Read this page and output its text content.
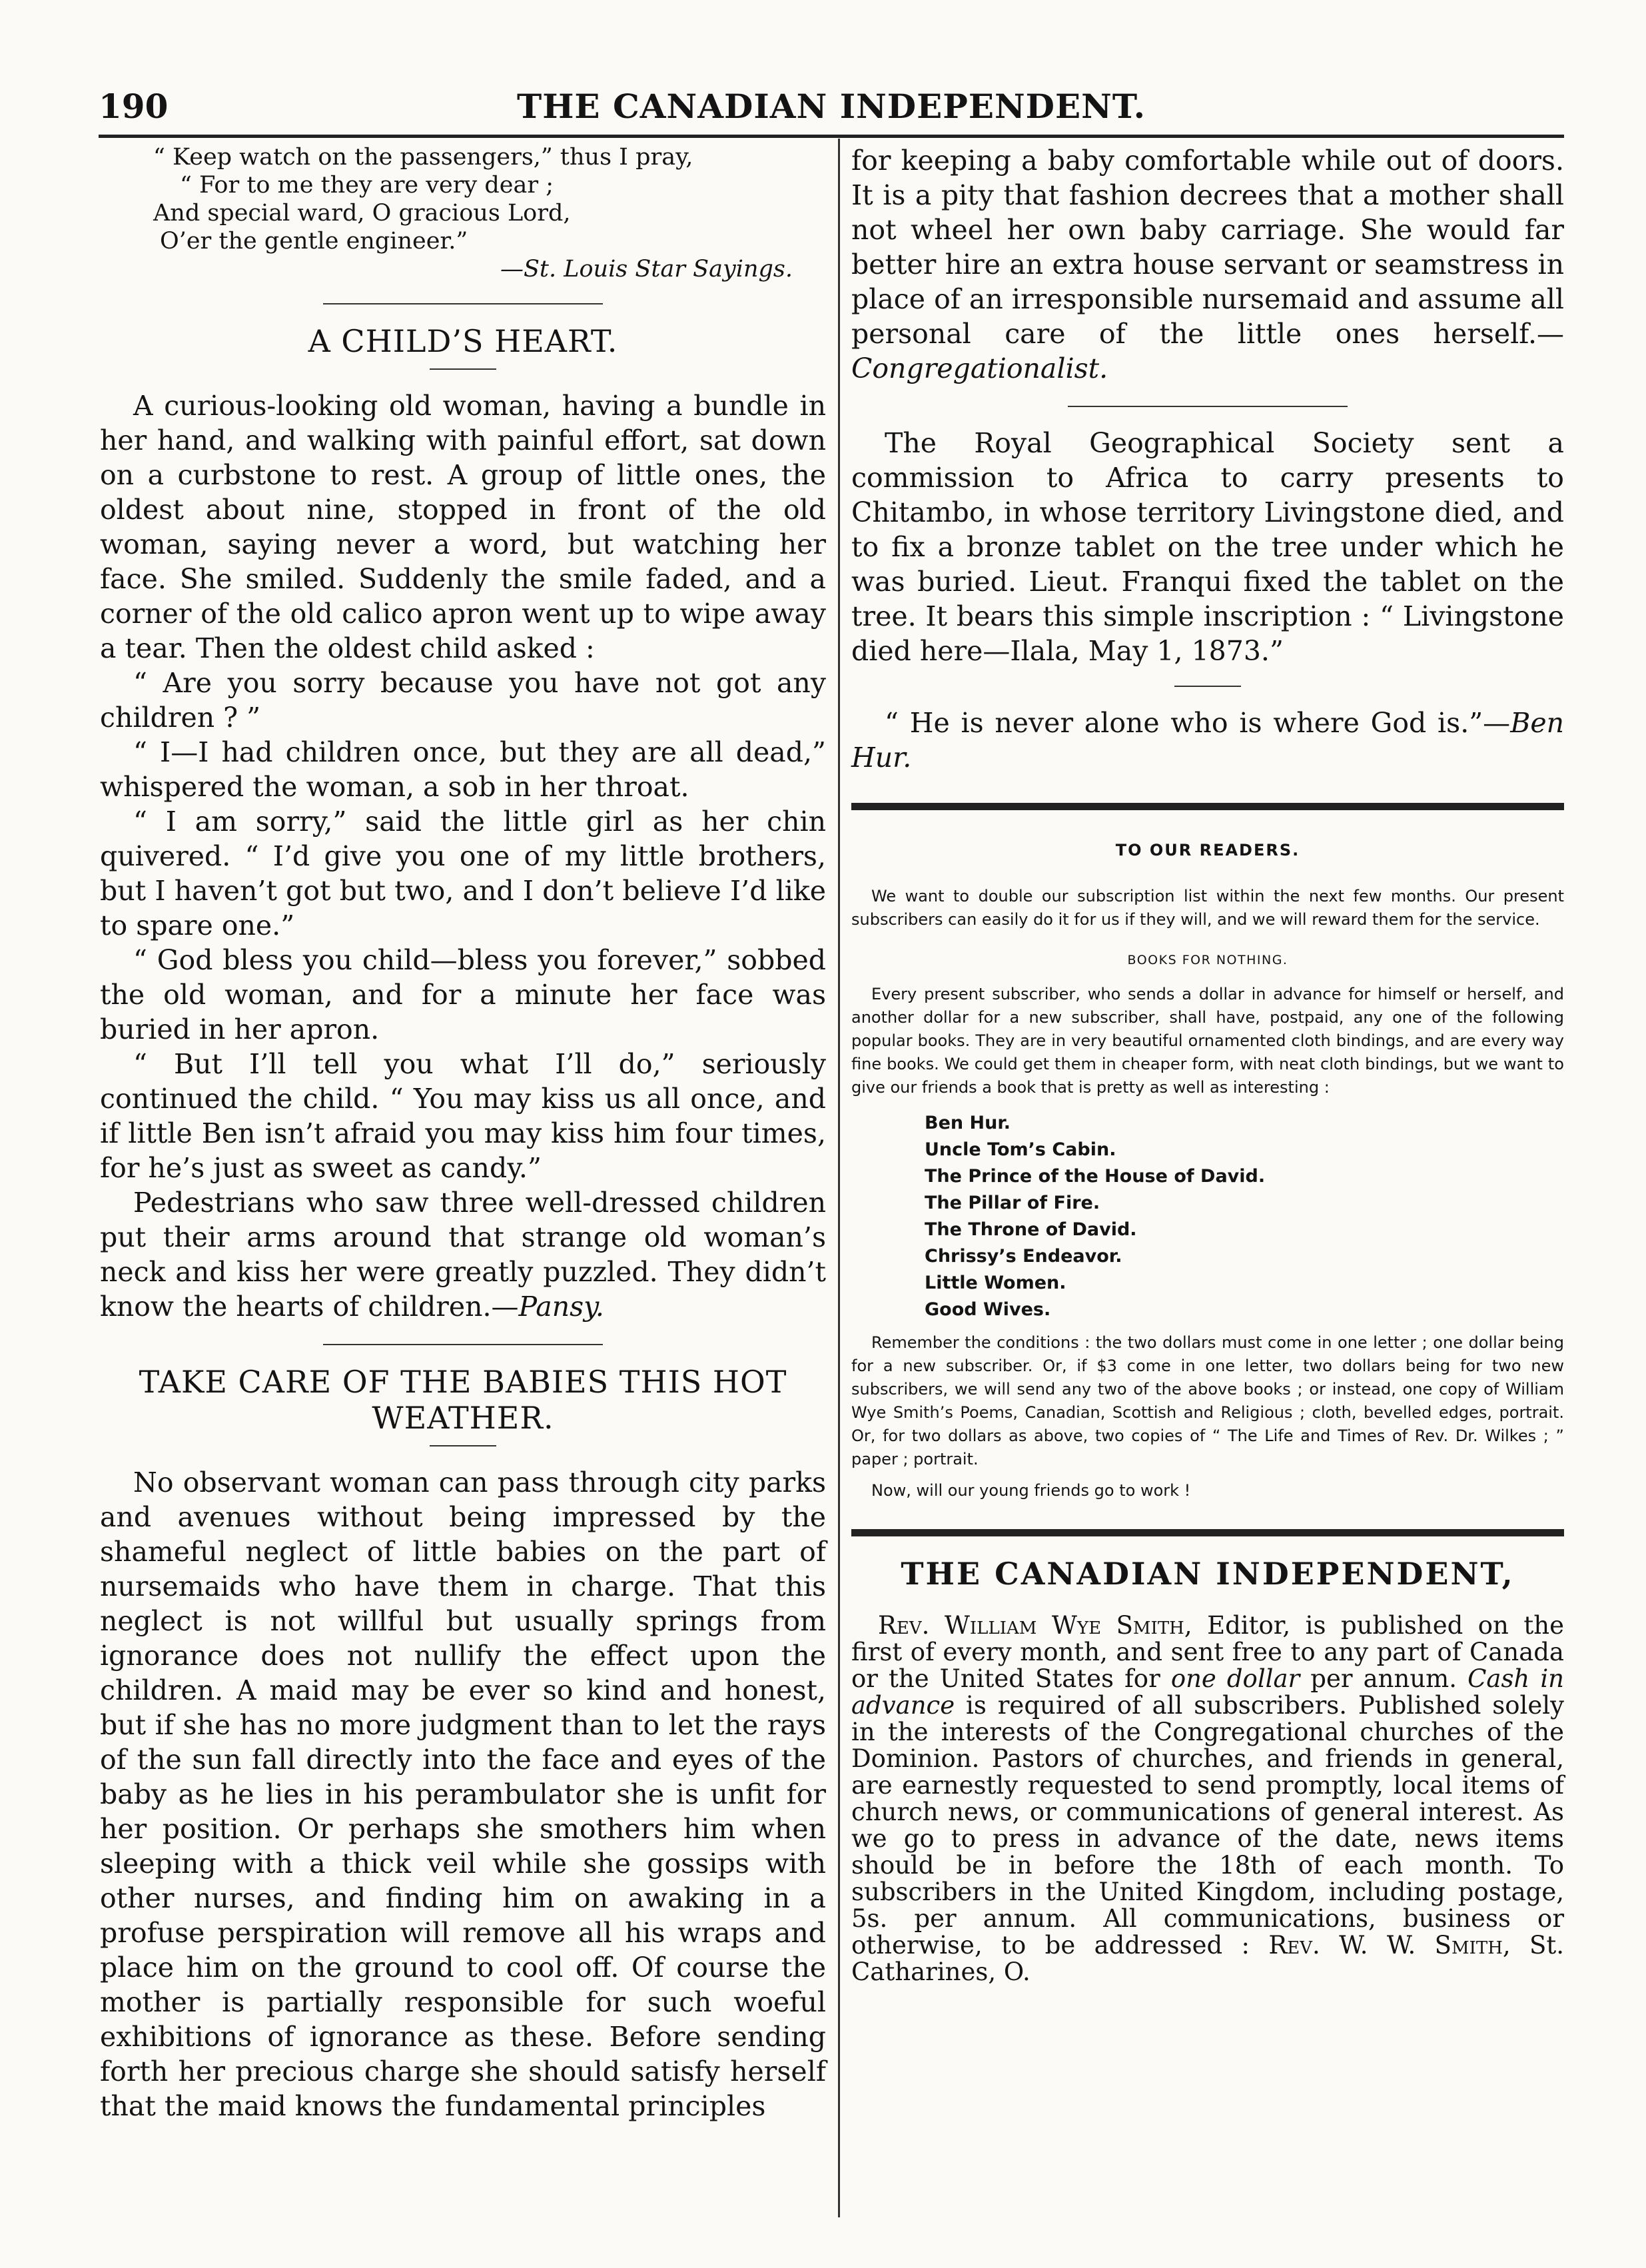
190	THE CANADIAN INDEPENDENT.
“ Keep watch on the passengers,” thus I pray,
“ For to me they are very dear ;
And special ward, O gracious Lord,
O’er the gentle engineer.”
—St. Louis Star Sayings.
A CHILD’S HEART.

A curious-looking old woman, having a bundle in her hand, and walking with painful effort, sat down on a curbstone to rest. A group of little ones, the oldest about nine, stopped in front of the old woman, saying never a word, but watching her face. She smiled. Suddenly the smile faded, and a corner of the old calico apron went up to wipe away a tear. Then the oldest child asked :

“ Are you sorry because you have not got any children ? ”

“ I—I had children once, but they are all dead,” whispered the woman, a sob in her throat.

“ I am sorry,” said the little girl as her chin quivered. “ I’d give you one of my little brothers, but I haven’t got but two, and I don’t believe I’d like to spare one.”

“ God bless you child—bless you forever,” sobbed the old woman, and for a minute her face was buried in her apron.

“ But I’ll tell you what I’ll do,” seriously continued the child. “ You may kiss us all once, and if little Ben isn’t afraid you may kiss him four times, for he’s just as sweet as candy.”

Pedestrians who saw three well-dressed children put their arms around that strange old woman’s neck and kiss her were greatly puzzled. They didn’t know the hearts of children.—Pansy.

TAKE CARE OF THE BABIES THIS HOT WEATHER.

No observant woman can pass through city parks and avenues without being impressed by the shameful neglect of little babies on the part of nursemaids who have them in charge. That this neglect is not willful but usually springs from ignorance does not nullify the effect upon the children. A maid may be ever so kind and honest, but if she has no more judgment than to let the rays of the sun fall directly into the face and eyes of the baby as he lies in his perambulator she is unfit for her position. Or perhaps she smothers him when sleeping with a thick veil while she gossips with other nurses, and finding him on awaking in a profuse perspiration will remove all his wraps and place him on the ground to cool off. Of course the mother is partially responsible for such woeful exhibitions of ignorance as these. Before sending forth her precious charge she should satisfy herself that the maid knows the fundamental principles

for keeping a baby comfortable while out of doors. It is a pity that fashion decrees that a mother shall not wheel her own baby carriage. She would far better hire an extra house servant or seamstress in place of an irresponsible nursemaid and assume all personal care of the little ones herself.—Congregationalist.

The Royal Geographical Society sent a commission to Africa to carry presents to Chitambo, in whose territory Livingstone died, and to fix a bronze tablet on the tree under which he was buried. Lieut. Franqui fixed the tablet on the tree. It bears this simple inscription : “ Livingstone died here—Ilala, May 1, 1873.”

“ He is never alone who is where God is.”—Ben Hur.

TO OUR READERS.

We want to double our subscription list within the next few months. Our present subscribers can easily do it for us if they will, and we will reward them for the service.

BOOKS FOR NOTHING.

Every present subscriber, who sends a dollar in advance for himself or herself, and another dollar for a new subscriber, shall have, postpaid, any one of the following popular books. They are in very beautiful ornamented cloth bindings, and are every way fine books. We could get them in cheaper form, with neat cloth bindings, but we want to give our friends a book that is pretty as well as interesting :

Ben Hur.
Uncle Tom’s Cabin.
The Prince of the House of David.
The Pillar of Fire.
The Throne of David.
Chrissy’s Endeavor.
Little Women.
Good Wives.

Remember the conditions : the two dollars must come in one letter ; one dollar being for a new subscriber. Or, if $3 come in one letter, two dollars being for two new subscribers, we will send any two of the above books ; or instead, one copy of William Wye Smith’s Poems, Canadian, Scottish and Religious ; cloth, bevelled edges, portrait. Or, for two dollars as above, two copies of “ The Life and Times of Rev. Dr. Wilkes ; ” paper ; portrait.

Now, will our young friends go to work !

THE CANADIAN INDEPENDENT,

Rev. William Wye Smith, Editor, is published on the first of every month, and sent free to any part of Canada or the United States for one dollar per annum. Cash in advance is required of all subscribers. Published solely in the interests of the Congregational churches of the Dominion. Pastors of churches, and friends in general, are earnestly requested to send promptly, local items of church news, or communications of general interest. As we go to press in advance of the date, news items should be in before the 18th of each month. To subscribers in the United Kingdom, including postage, 5s. per annum. All communications, business or otherwise, to be addressed : Rev. W. W. Smith, St. Catharines, O.
